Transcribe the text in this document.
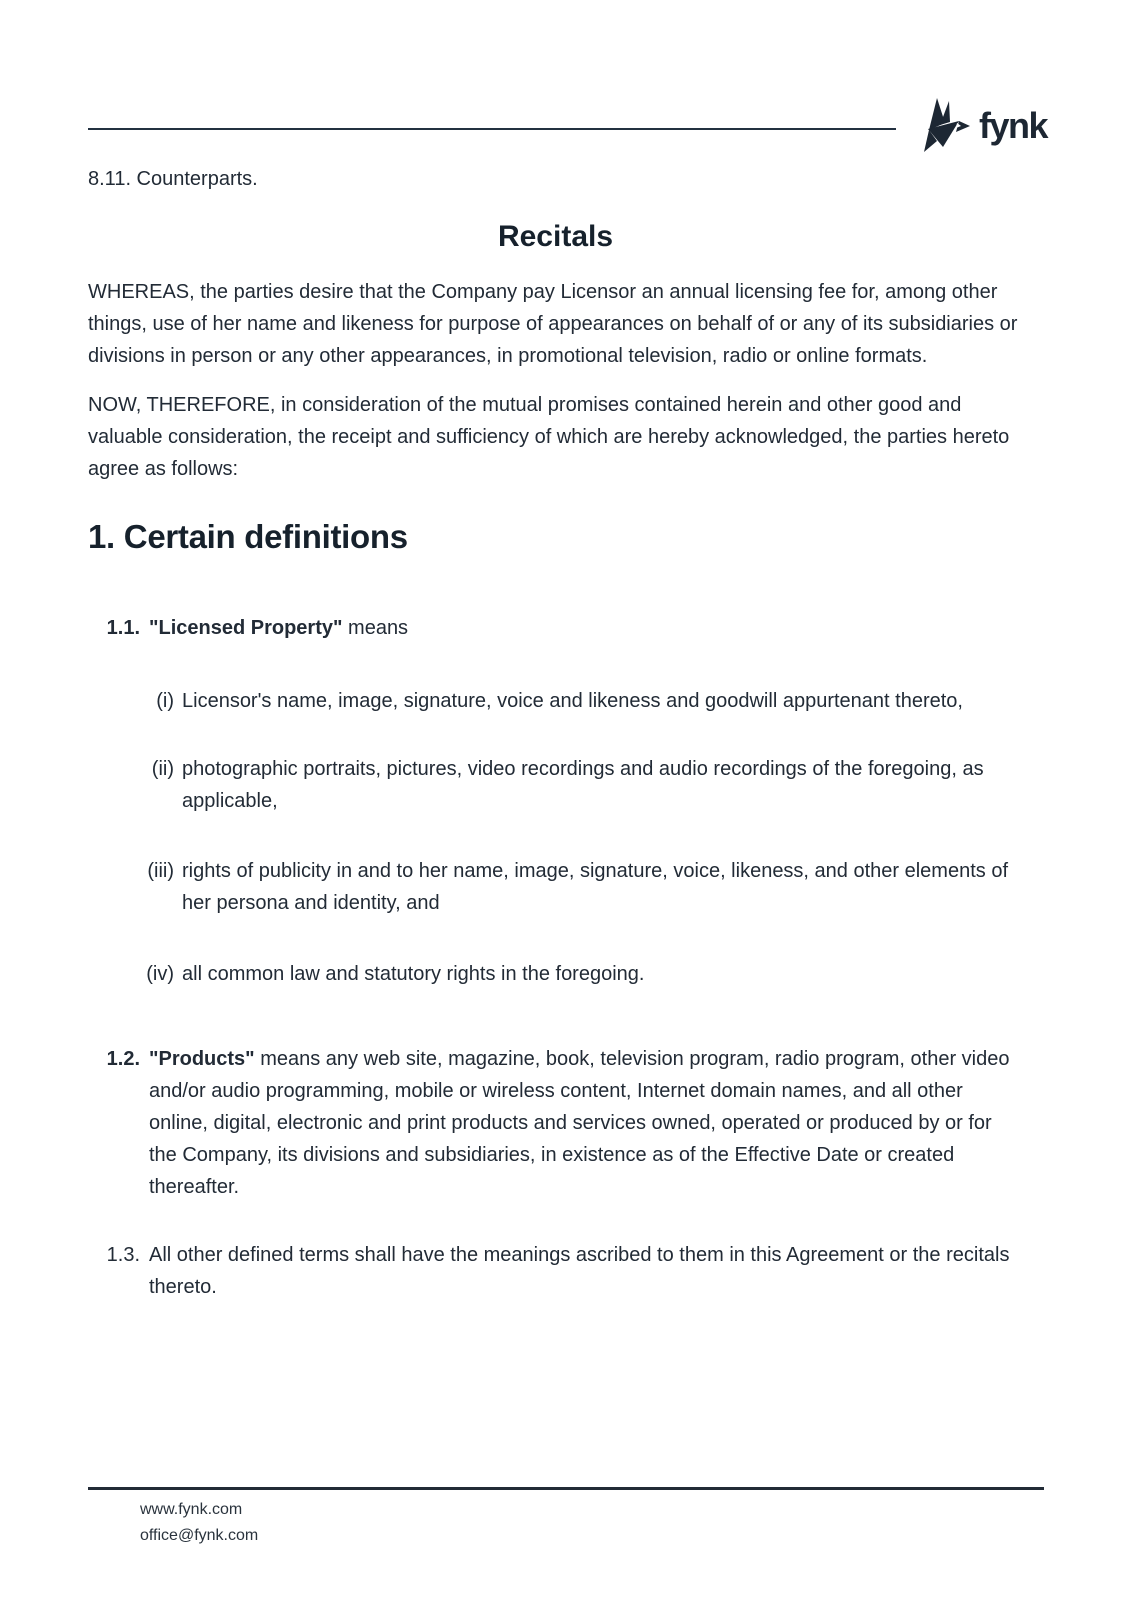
fynk

8.11. Counterparts.

Recitals

WHEREAS, the parties desire that the Company pay Licensor an annual licensing fee for, among other things, use of her name and likeness for purpose of appearances on behalf of or any of its subsidiaries or divisions in person or any other appearances, in promotional television, radio or online formats.

NOW, THEREFORE, in consideration of the mutual promises contained herein and other good and valuable consideration, the receipt and sufficiency of which are hereby acknowledged, the parties hereto agree as follows:

1. Certain definitions
1.1. "Licensed Property" means
(i) Licensor's name, image, signature, voice and likeness and goodwill appurtenant thereto,
(ii) photographic portraits, pictures, video recordings and audio recordings of the foregoing, as applicable,
(iii) rights of publicity in and to her name, image, signature, voice, likeness, and other elements of her persona and identity, and
(iv) all common law and statutory rights in the foregoing.
1.2. "Products" means any web site, magazine, book, television program, radio program, other video and/or audio programming, mobile or wireless content, Internet domain names, and all other online, digital, electronic and print products and services owned, operated or produced by or for the Company, its divisions and subsidiaries, in existence as of the Effective Date or created thereafter.
1.3. All other defined terms shall have the meanings ascribed to them in this Agreement or the recitals thereto.
www.fynk.com
office@fynk.com
